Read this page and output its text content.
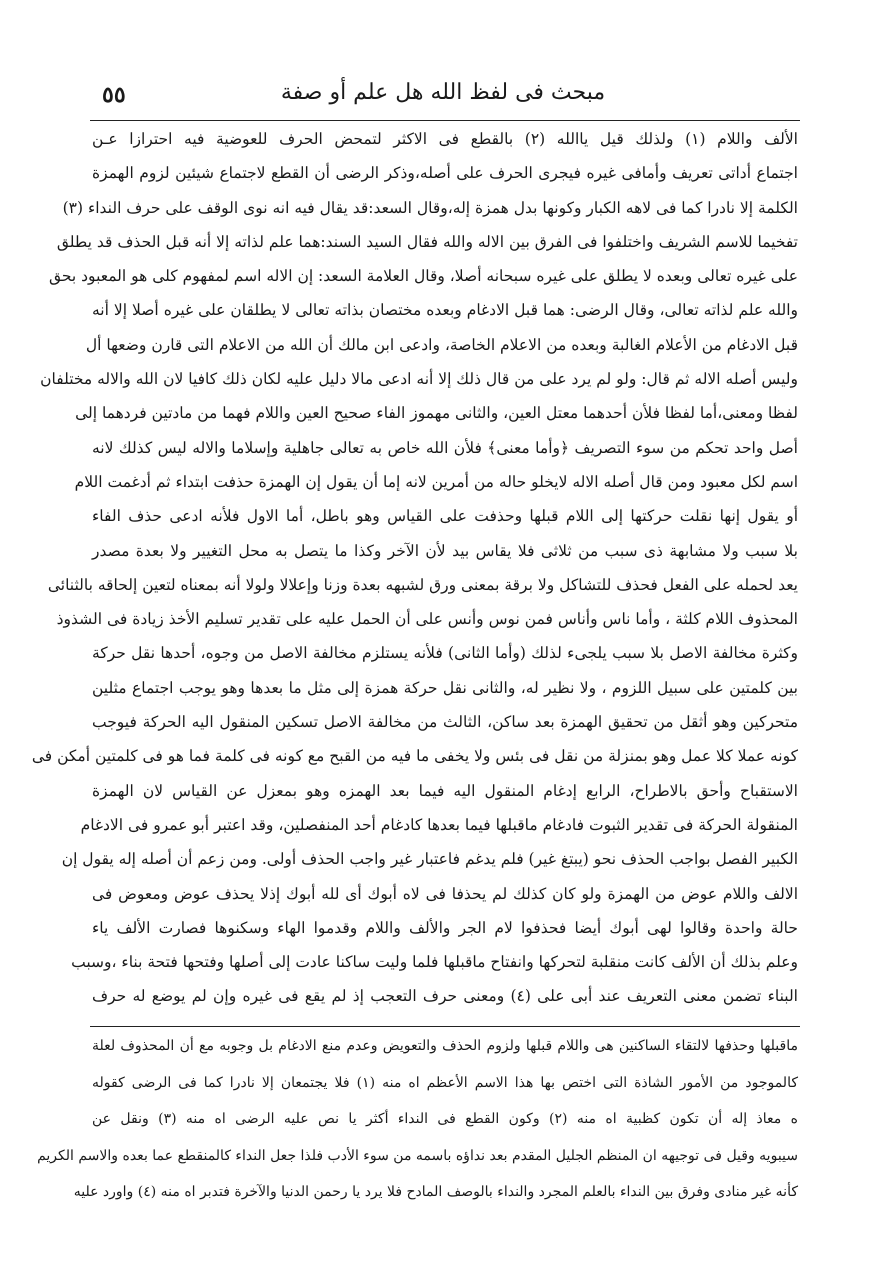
٥٥	مبحث فى لفظ الله هل علم أو صفة
الألف واللام (١) ولذلك قيل ياالله (٢) بالقطع فى الاكثر لتمحض الحرف للعوضية فيه احترازا عـن
اجتماع أداتى تعريف وأمافى غيره فيجرى الحرف على أصله،وذكر الرضى أن القطع لاجتماع شيئين لزوم الهمزة
الكلمة إلا نادرا كما فى لاهه الكبار وكونها بدل همزة إله،وقال السعد:قد يقال فيه انه نوى الوقف على حرف النداء (٣)
تفخيما للاسم الشريف واختلفوا فى الفرق بين الاله والله فقال السيد السند:هما علم لذاته إلا أنه قبل الحذف قد يطلق
على غيره تعالى وبعده لا يطلق على غيره سبحانه أصلا، وقال العلامة السعد: إن الاله اسم لمفهوم كلى هو المعبود بحق
والله علم لذاته تعالى، وقال الرضى: هما قبل الادغام وبعده مختصان بذاته تعالى لا يطلقان على غيره أصلا إلا أنه
قبل الادغام من الأعلام الغالبة وبعده من الاعلام الخاصة، وادعى ابن مالك أن الله من الاعلام التى قارن وضعها أل
وليس أصله الاله ثم قال: ولو لم يرد على من قال ذلك إلا أنه ادعى مالا دليل عليه لكان ذلك كافيا لان الله والاله مختلفان
لفظا ومعنى،أما لفظا فلأن أحدهما معتل العين، والثانى مهموز الفاء صحيح العين واللام فهما من مادتين فردهما إلى
أصل واحد تحكم من سوء التصريف ﴿وأما معنى﴾ فلأن الله خاص به تعالى جاهلية وإسلاما والاله ليس كذلك لانه
اسم لكل معبود ومن قال أصله الاله لايخلو حاله من أمرين لانه إما أن يقول إن الهمزة حذفت ابتداء ثم أدغمت اللام
أو يقول إنها نقلت حركتها إلى اللام قبلها وحذفت على القياس وهو باطل، أما الاول فلأنه ادعى حذف الفاء
بلا سبب ولا مشابهة ذى سبب من ثلاثى فلا يقاس بيد لأن الآخر وكذا ما يتصل به محل التغيير ولا بعدة مصدر
يعد لحمله على الفعل فحذف للتشاكل ولا برقة بمعنى ورق لشبهه بعدة وزنا وإعلالا ولولا أنه بمعناه لتعين إلحاقه بالثنائى
المحذوف اللام كلثة ، وأما ناس وأناس فمن نوس وأنس على أن الحمل عليه على تقدير تسليم الأخذ زيادة فى الشذوذ
وكثرة مخالفة الاصل بلا سبب يلجىء لذلك (وأما الثانى) فلأنه يستلزم مخالفة الاصل من وجوه، أحدها نقل حركة
بين كلمتين على سبيل اللزوم ، ولا نظير له، والثانى نقل حركة همزة إلى مثل ما بعدها وهو يوجب اجتماع مثلين
متحركين وهو أثقل من تحقيق الهمزة بعد ساكن، الثالث من مخالفة الاصل تسكين المنقول اليه الحركة فيوجب
كونه عملا كلا عمل وهو بمنزلة من نقل فى بئس ولا يخفى ما فيه من القبح مع كونه فى كلمة فما هو فى كلمتين أمكن فى
الاستقباح وأحق بالاطراح، الرابع إدغام المنقول اليه فيما بعد الهمزه وهو بمعزل عن القياس لان الهمزة
المنقولة الحركة فى تقدير الثبوت فادغام ماقبلها فيما بعدها كادغام أحد المنفصلين، وقد اعتبر أبو عمرو فى الادغام
الكبير الفصل بواجب الحذف نحو (يبتغ غير) فلم يدغم فاعتبار غير واجب الحذف أولى. ومن زعم أن أصله إله يقول إن
الالف واللام عوض من الهمزة ولو كان كذلك لم يحذفا فى لاه أبوك أى لله أبوك إذلا يحذف عوض ومعوض فى
حالة واحدة وقالوا لهى أبوك أيضا فحذفوا لام الجر والألف واللام وقدموا الهاء وسكنوها فصارت الألف ياء
وعلم بذلك أن الألف كانت منقلبة لتحركها وانفتاح ماقبلها فلما وليت ساكنا عادت إلى أصلها وفتحها فتحة بناء ،وسبب
البناء تضمن معنى التعريف عند أبى على (٤) ومعنى حرف التعجب إذ لم يقع فى غيره وإن لم يوضع له حرف
ماقبلها وحذفها لالتقاء الساكنين هى واللام قبلها ولزوم الحذف والتعويض وعدم منع الادغام بل وجوبه مع أن المحذوف لعلة
كالموجود من الأمور الشاذة التى اختص بها هذا الاسم الأعظم اه منه (١) فلا يجتمعان إلا نادرا كما فى الرضى كقوله
ه معاذ إله أن تكون كظبية اه منه (٢) وكون القطع فى النداء أكثر يا نص عليه الرضى اه منه (٣) ونقل عن
سيبويه وقيل فى توجيهه ان المنظم الجليل المقدم بعد نداؤه باسمه من سوء الأدب فلذا جعل النداء كالمنقطع عما بعده والاسم الكريم
كأنه غير منادى وفرق بين النداء بالعلم المجرد والنداء بالوصف المادح فلا يرد يا رحمن الدنيا والآخرة فتدبر اه منه (٤) واورد عليه
